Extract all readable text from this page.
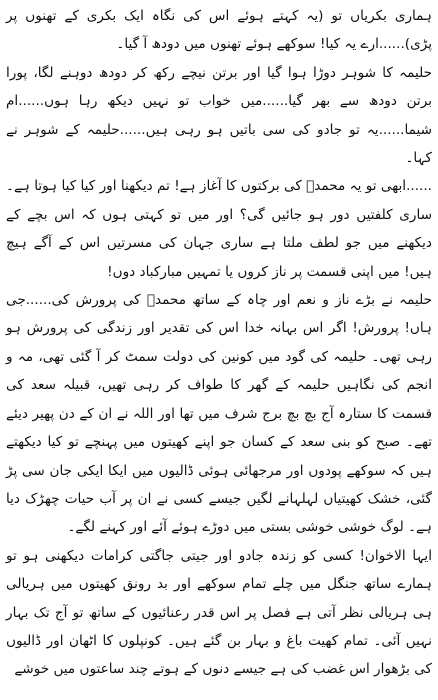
ہماری بکریاں تو (یہ کہتے ہوئے اس کی نگاہ ایک بکری کے تھنوں پر پڑی)......ارے یہ کیا! سوکھے ہوئے تھنوں میں دودھ آ گیا۔

حلیمہ کا شوہر دوڑا ہوا گیا اور برتن نیچے رکھ کر دودھ دوہنے لگا، پورا برتن دودھ سے بھر گیا......میں خواب تو نہیں دیکھ رہا ہوں......ام شیما......یہ تو جادو کی سی باتیں ہو رہی ہیں......حلیمہ کے شوہر نے کہا۔

......ابھی تو یہ محمدؐ کی برکتوں کا آغاز ہے! تم دیکھنا اور کیا کیا ہوتا ہے۔ ساری کلفتیں دور ہو جائیں گی؟ اور میں تو کہتی ہوں کہ اس بچے کے دیکھنے میں جو لطف ملتا ہے ساری جہان کی مسرتیں اس کے آگے ہیچ ہیں! میں اپنی قسمت پر ناز کروں یا تمہیں مبارکباد دوں!

حلیمہ نے بڑے ناز و نعم اور چاہ کے ساتھ محمدؐ کی پرورش کی......جی ہاں! پرورش! اگر اس بہانہ خدا اس کی تقدیر اور زندگی کی پرورش ہو رہی تھی۔ حلیمہ کی گود میں کونین کی دولت سمٹ کر آ گئی تھی، مہ و انجم کی نگاہیں حلیمہ کے گھر کا طواف کر رہی تھیں، قبیلہ سعد کی قسمت کا ستارہ آج بچ بچ برج شرف میں تھا اور اللہ نے ان کے دن پھیر دیئے تھے۔ صبح کو بنی سعد کے کسان جو اپنے کھیتوں میں پہنچے تو کیا دیکھتے ہیں کہ سوکھے پودوں اور مرجھائی ہوئی ڈالیوں میں ایکا ایکی جان سی پڑ گئی، خشک کھیتیاں لہلہانے لگیں جیسے کسی نے ان پر آب حیات چھڑک دیا ہے۔ لوگ خوشی خوشی بستی میں دوڑے ہوئے آئے اور کہنے لگے۔

ایہا الاخوان! کسی کو زندہ جادو اور جیتی جاگتی کرامات دیکھنی ہو تو ہمارے ساتھ جنگل میں چلے تمام سوکھے اور بد رونق کھیتوں میں ہریالی ہی ہریالی نظر آتی ہے فصل پر اس قدر رعنائیوں کے ساتھ تو آج تک بہار نہیں آئی۔ تمام کھیت باغ و بہار بن گئے ہیں۔ کونپلوں کا اٹھان اور ڈالیوں کی بڑھوار اس غضب کی ہے جیسے دنوں کے ہوتے چند ساعتوں میں خوشے
